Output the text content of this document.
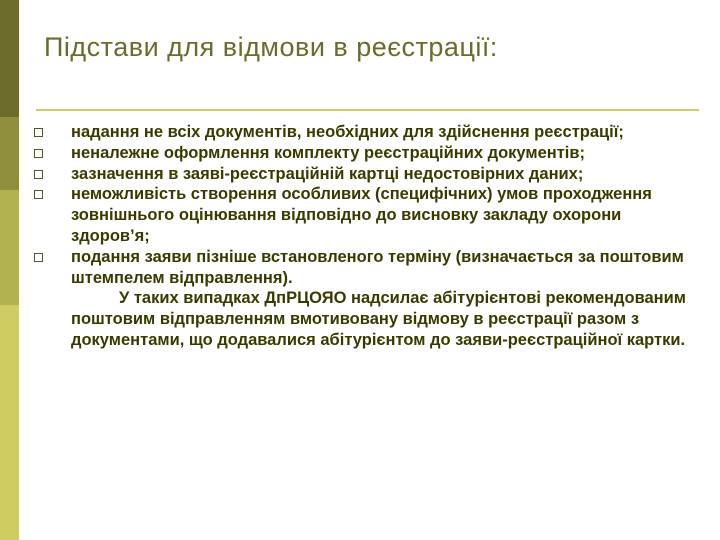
Підстави для відмови в реєстрації:
надання не всіх документів, необхідних для здійснення реєстрації;
неналежне оформлення комплекту реєстраційних документів;
зазначення в заяві-реєстраційній картці недостовірних даних;
неможливість створення особливих (специфічних) умов проходження зовнішнього оцінювання відповідно до висновку закладу охорони здоров’я;
подання заяви пізніше встановленого терміну (визначається за поштовим штемпелем відправлення).

У таких випадках ДпРЦОЯО надсилає абітурієнтові рекомендованим поштовим відправленням вмотивовану відмову в реєстрації разом з документами, що додавалися абітурієнтом до заяви-реєстраційної картки.
